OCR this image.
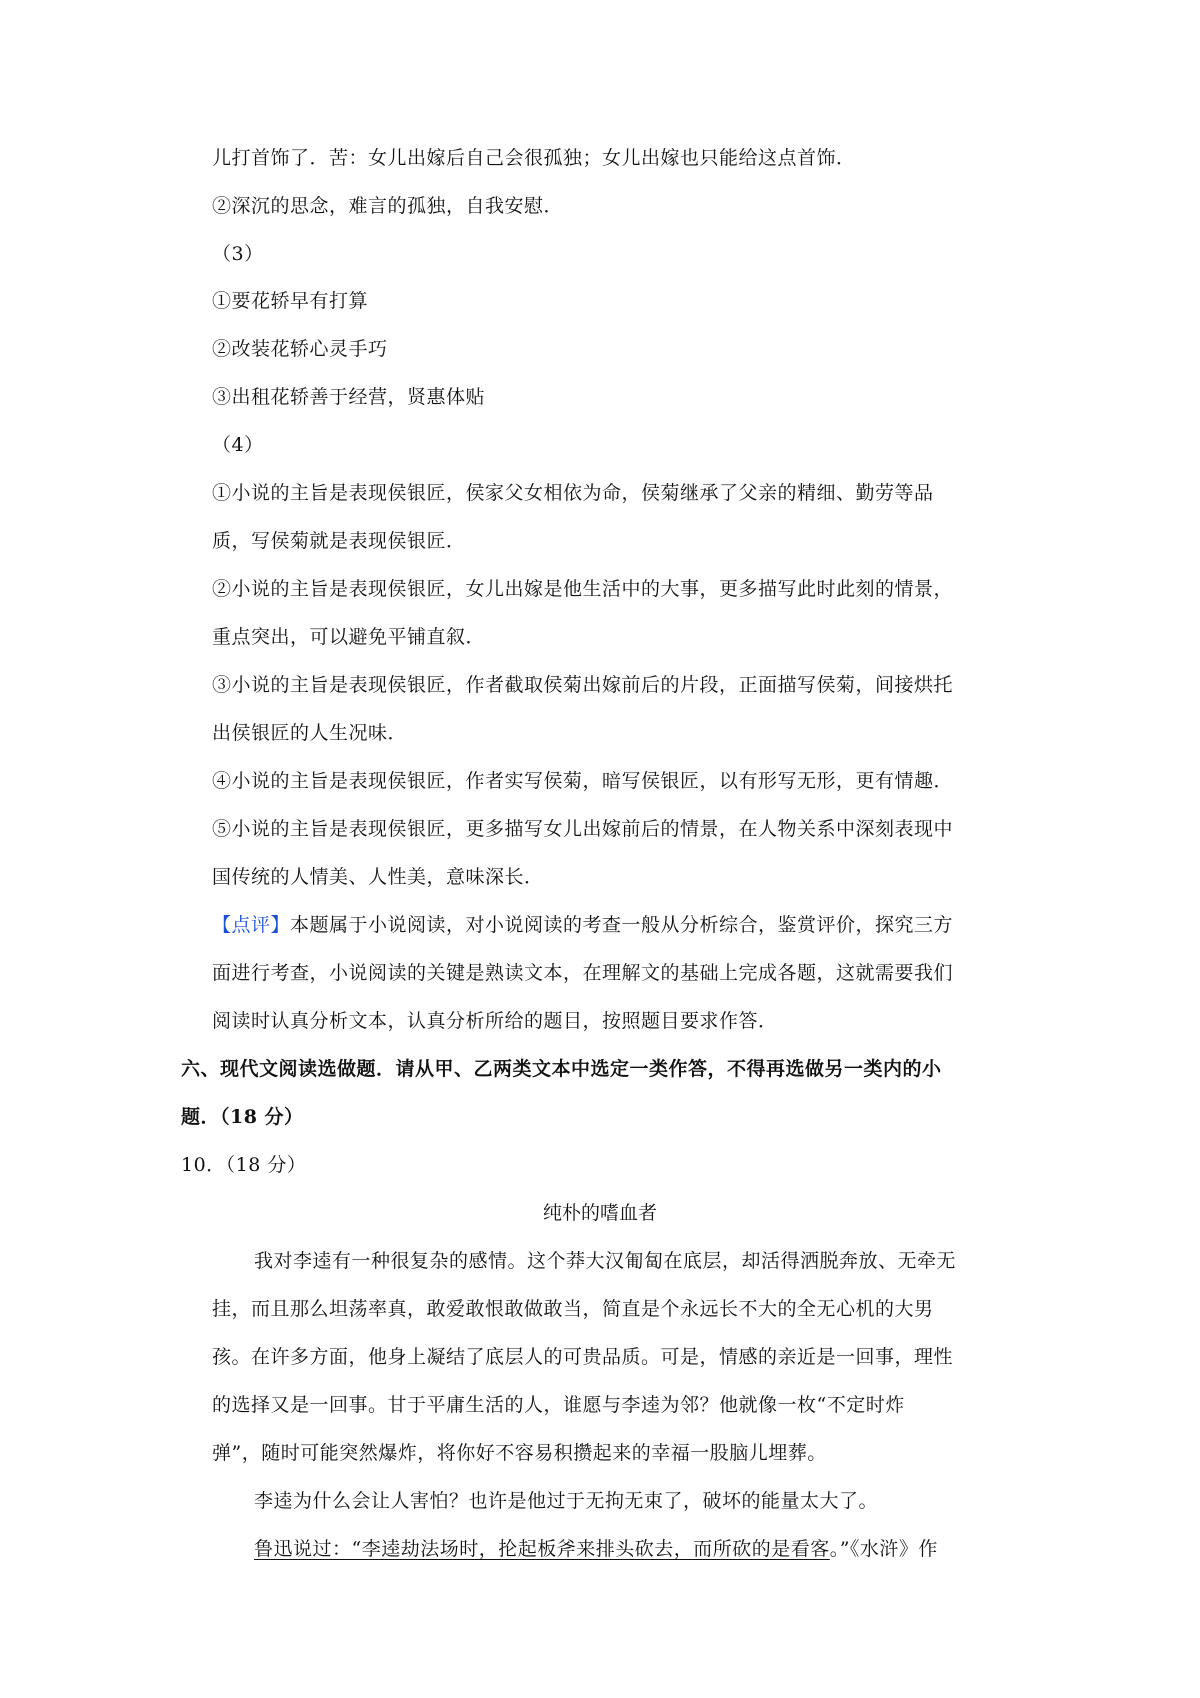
儿打首饰了．苦：女儿出嫁后自己会很孤独；女儿出嫁也只能给这点首饰．
②深沉的思念，难言的孤独，自我安慰．
（3）
①要花轿早有打算
②改装花轿心灵手巧
③出租花轿善于经营，贤惠体贴
（4）
①小说的主旨是表现侯银匠，侯家父女相依为命，侯菊继承了父亲的精细、勤劳等品
质，写侯菊就是表现侯银匠．
②小说的主旨是表现侯银匠，女儿出嫁是他生活中的大事，更多描写此时此刻的情景，
重点突出，可以避免平铺直叙．
③小说的主旨是表现侯银匠，作者截取侯菊出嫁前后的片段，正面描写侯菊，间接烘托
出侯银匠的人生况味．
④小说的主旨是表现侯银匠，作者实写侯菊，暗写侯银匠，以有形写无形，更有情趣．
⑤小说的主旨是表现侯银匠，更多描写女儿出嫁前后的情景，在人物关系中深刻表现中
国传统的人情美、人性美，意味深长．
【点评】本题属于小说阅读，对小说阅读的考查一般从分析综合，鉴赏评价，探究三方
面进行考查，小说阅读的关键是熟读文本，在理解文的基础上完成各题，这就需要我们
阅读时认真分析文本，认真分析所给的题目，按照题目要求作答．
六、现代文阅读选做题．请从甲、乙两类文本中选定一类作答，不得再选做另一类内的小
题．（18 分）
10．（18 分）
纯朴的嗜血者
我对李逵有一种很复杂的感情。这个莽大汉匍匐在底层，却活得洒脱奔放、无牵无
挂，而且那么坦荡率真，敢爱敢恨敢做敢当，简直是个永远长不大的全无心机的大男
孩。在许多方面，他身上凝结了底层人的可贵品质。可是，情感的亲近是一回事，理性
的选择又是一回事。甘于平庸生活的人，谁愿与李逵为邻？他就像一枚“不定时炸
弹”，随时可能突然爆炸，将你好不容易积攒起来的幸福一股脑儿埋葬。
李逵为什么会让人害怕？也许是他过于无拘无束了，破坏的能量太大了。
鲁迅说过：“李逵劫法场时，抡起板斧来排头砍去，而所砍的是看客。”《水浒》作
